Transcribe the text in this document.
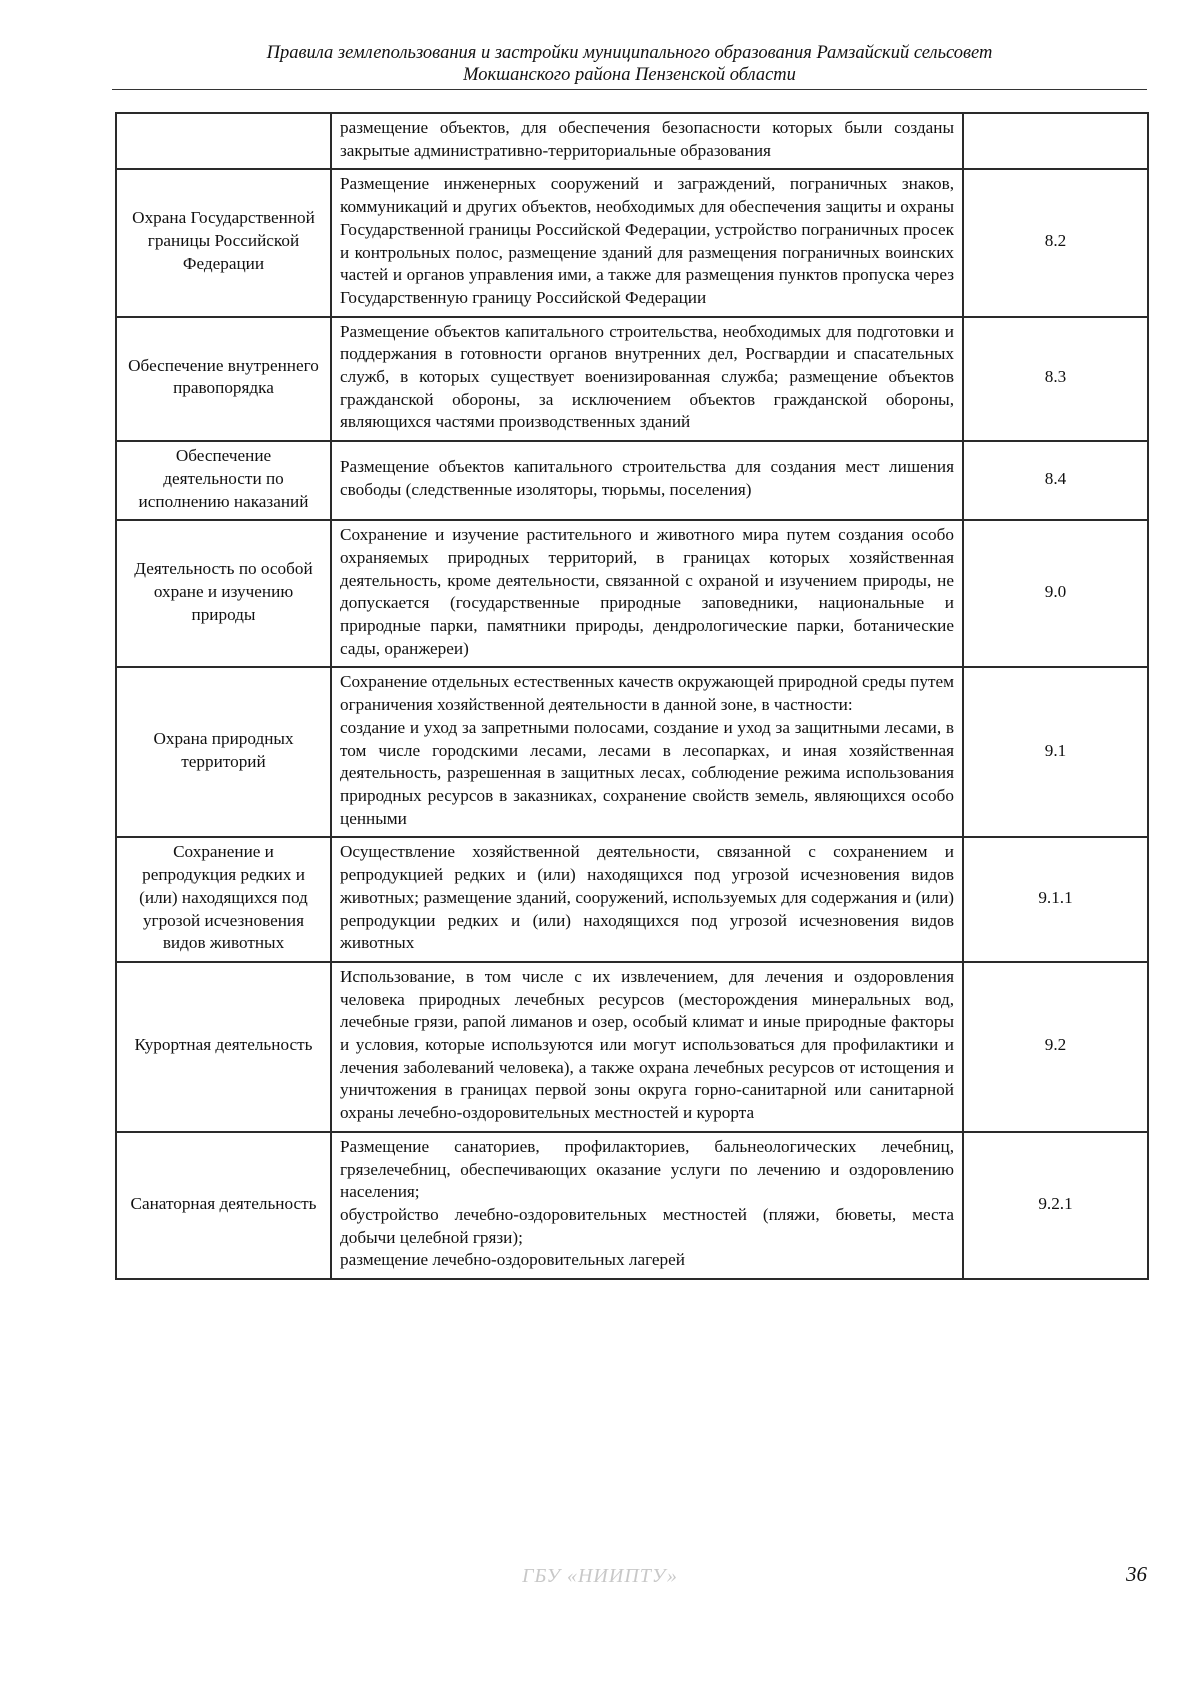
Правила землепользования и застройки муниципального образования Рамзайский сельсовет
Мокшанского района Пензенской области

	размещение объектов, для обеспечения безопасности которых были созданы закрытые административно-территориальные образования	

Охрана Государственной границы Российской Федерации	Размещение инженерных сооружений и заграждений, пограничных знаков, коммуникаций и других объектов, необходимых для обеспечения защиты и охраны Государственной границы Российской Федерации, устройство пограничных просек и контрольных полос, размещение зданий для размещения пограничных воинских частей и органов управления ими, а также для размещения пунктов пропуска через Государственную границу Российской Федерации	8.2
Обеспечение внутреннего правопорядка	Размещение объектов капитального строительства, необходимых для подготовки и поддержания в готовности органов внутренних дел, Росгвардии и спасательных служб, в которых существует военизированная служба; размещение объектов гражданской обороны, за исключением объектов гражданской обороны, являющихся частями производственных зданий	8.3
Обеспечение деятельности по исполнению наказаний	Размещение объектов капитального строительства для создания мест лишения свободы (следственные изоляторы, тюрьмы, поселения)	8.4
Деятельность по особой охране и изучению природы	Сохранение и изучение растительного и животного мира путем создания особо охраняемых природных территорий, в границах которых хозяйственная деятельность, кроме деятельности, связанной с охраной и изучением природы, не допускается (государственные природные заповедники, национальные и природные парки, памятники природы, дендрологические парки, ботанические сады, оранжереи)	9.0
Охрана природных территорий	Сохранение отдельных естественных качеств окружающей природной среды путем ограничения хозяйственной деятельности в данной зоне, в частности:
создание и уход за запретными полосами, создание и уход за защитными лесами, в том числе городскими лесами, лесами в лесопарках, и иная хозяйственная деятельность, разрешенная в защитных лесах, соблюдение режима использования природных ресурсов в заказниках, сохранение свойств земель, являющихся особо ценными	9.1
Сохранение и репродукция редких и (или) находящихся под угрозой исчезновения видов животных	Осуществление хозяйственной деятельности, связанной с сохранением и репродукцией редких и (или) находящихся под угрозой исчезновения видов животных; размещение зданий, сооружений, используемых для содержания и (или) репродукции редких и (или) находящихся под угрозой исчезновения видов животных	9.1.1
Курортная деятельность	Использование, в том числе с их извлечением, для лечения и оздоровления человека природных лечебных ресурсов (месторождения минеральных вод, лечебные грязи, рапой лиманов и озер, особый климат и иные природные факторы и условия, которые используются или могут использоваться для профилактики и лечения заболеваний человека), а также охрана лечебных ресурсов от истощения и уничтожения в границах первой зоны округа горно-санитарной или санитарной охраны лечебно-оздоровительных местностей и курорта	9.2
Санаторная деятельность	Размещение санаториев, профилакториев, бальнеологических лечебниц, грязелечебниц, обеспечивающих оказание услуги по лечению и оздоровлению населения;
обустройство лечебно-оздоровительных местностей (пляжи, бюветы, места добычи целебной грязи);
размещение лечебно-оздоровительных лагерей	9.2.1
ГБУ «НИИПТУ»	36
